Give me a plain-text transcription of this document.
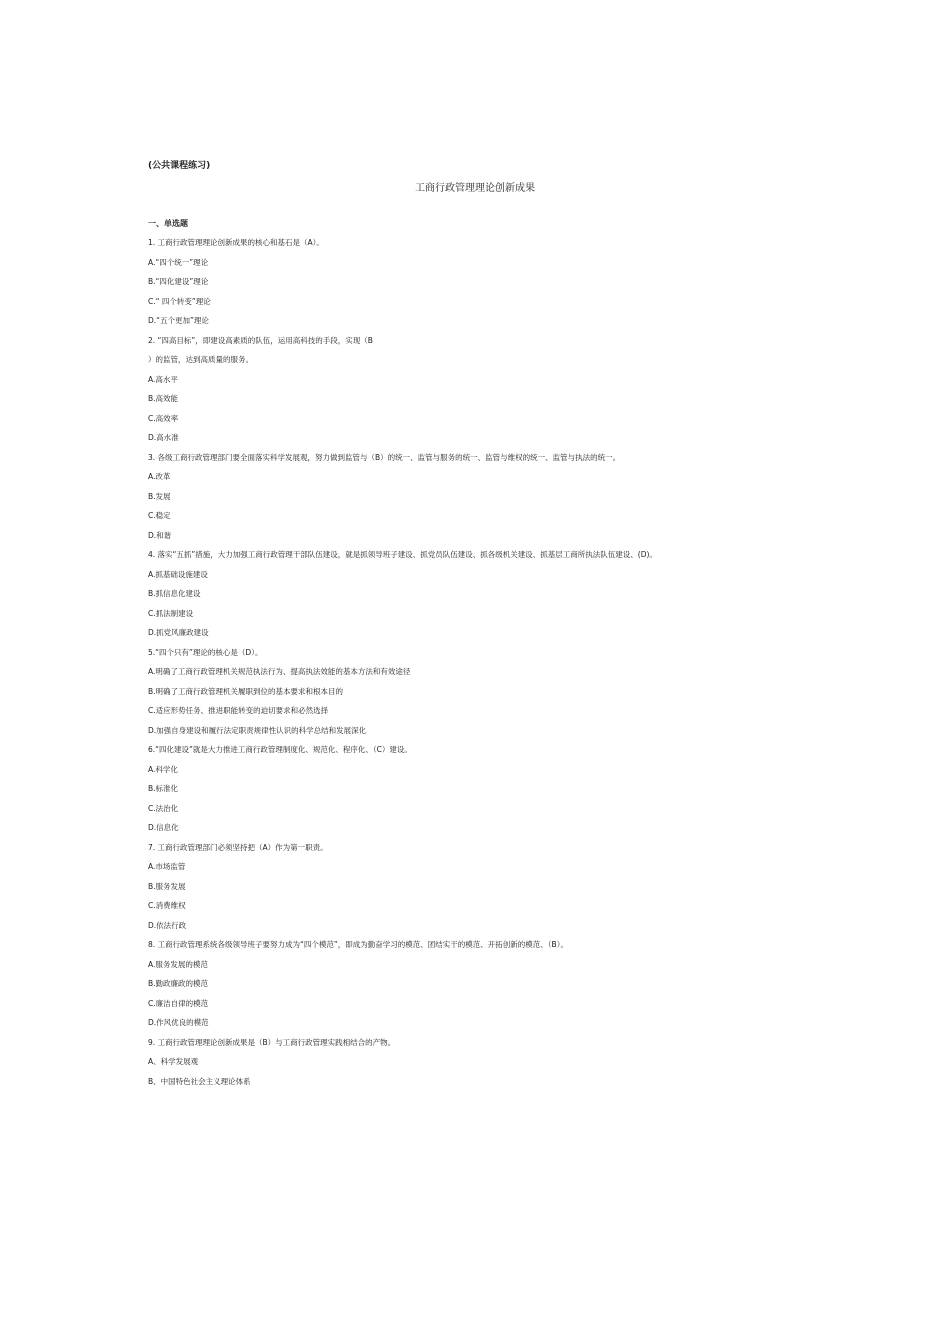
(公共课程练习)
工商行政管理理论创新成果
一、单选题
1. 工商行政管理理论创新成果的核心和基石是（A）。
A.“四个统一”理论
B.“四化建设”理论
C.“ 四个转变”理论
D.“五个更加”理论
2. “四高目标”，即建设高素质的队伍，运用高科技的手段，实现（B
）的监管，达到高质量的服务。
A.高水平
B.高效能
C.高效率
D.高水准
3. 各级工商行政管理部门要全面落实科学发展观，努力做到监管与（B）的统一、监管与服务的统一、监管与维权的统一、监管与执法的统一。
A.改革
B.发展
C.稳定
D.和谐
4. 落实“五抓”措施，大力加强工商行政管理干部队伍建设，就是抓领导班子建设、抓党员队伍建设、抓各级机关建设、抓基层工商所执法队伍建设、(D)。
A.抓基础设施建设
B.抓信息化建设
C.抓法制建设
D.抓党风廉政建设
5.“四个只有”理论的核心是（D）。
A.明确了工商行政管理机关规范执法行为、提高执法效能的基本方法和有效途径
B.明确了工商行政管理机关履职到位的基本要求和根本目的
C.适应形势任务、推进职能转变的迫切要求和必然选择
D.加强自身建设和履行法定职责规律性认识的科学总结和发展深化
6.“四化建设”就是大力推进工商行政管理制度化、规范化、程序化、（C）建设。
A.科学化
B.标准化
C.法治化
D.信息化
7. 工商行政管理部门必须坚持把（A）作为第一职责。
A.市场监管
B.服务发展
C.消费维权
D.依法行政
8. 工商行政管理系统各级领导班子要努力成为“四个模范”，即成为勤奋学习的模范、团结实干的模范、开拓创新的模范、（B）。
A.服务发展的模范
B.勤政廉政的模范
C.廉洁自律的模范
D.作风优良的模范
9. 工商行政管理理论创新成果是（B）与工商行政管理实践相结合的产物。
A、科学发展观
B、中国特色社会主义理论体系
